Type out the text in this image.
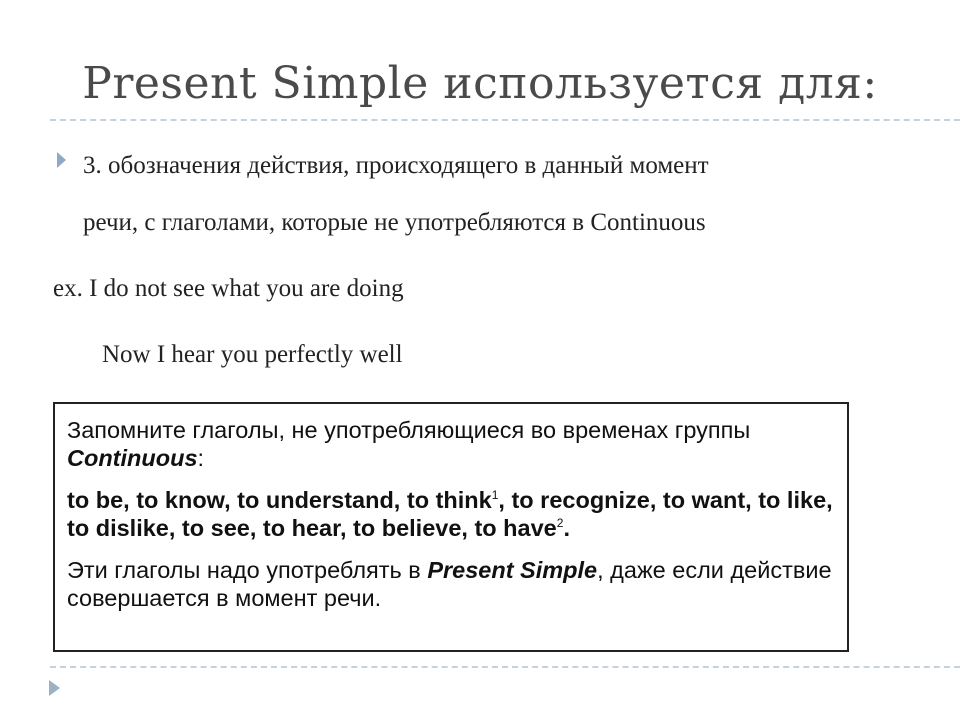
Present Simple используется для:
3. обозначения действия, происходящего в данный момент
речи, с глаголами, которые не употребляются в Continuous
ex. I do not see what you are doing
Now I hear you perfectly well

Запомните глаголы, не употребляющиеся во временах группы Continuous:

to be, to know, to understand, to think$^1$, to recognize, to want, to like, to dislike, to see, to hear, to believe, to have$^2$.

Эти глаголы надо употреблять в Present Simple, даже если действие совершается в момент речи.
